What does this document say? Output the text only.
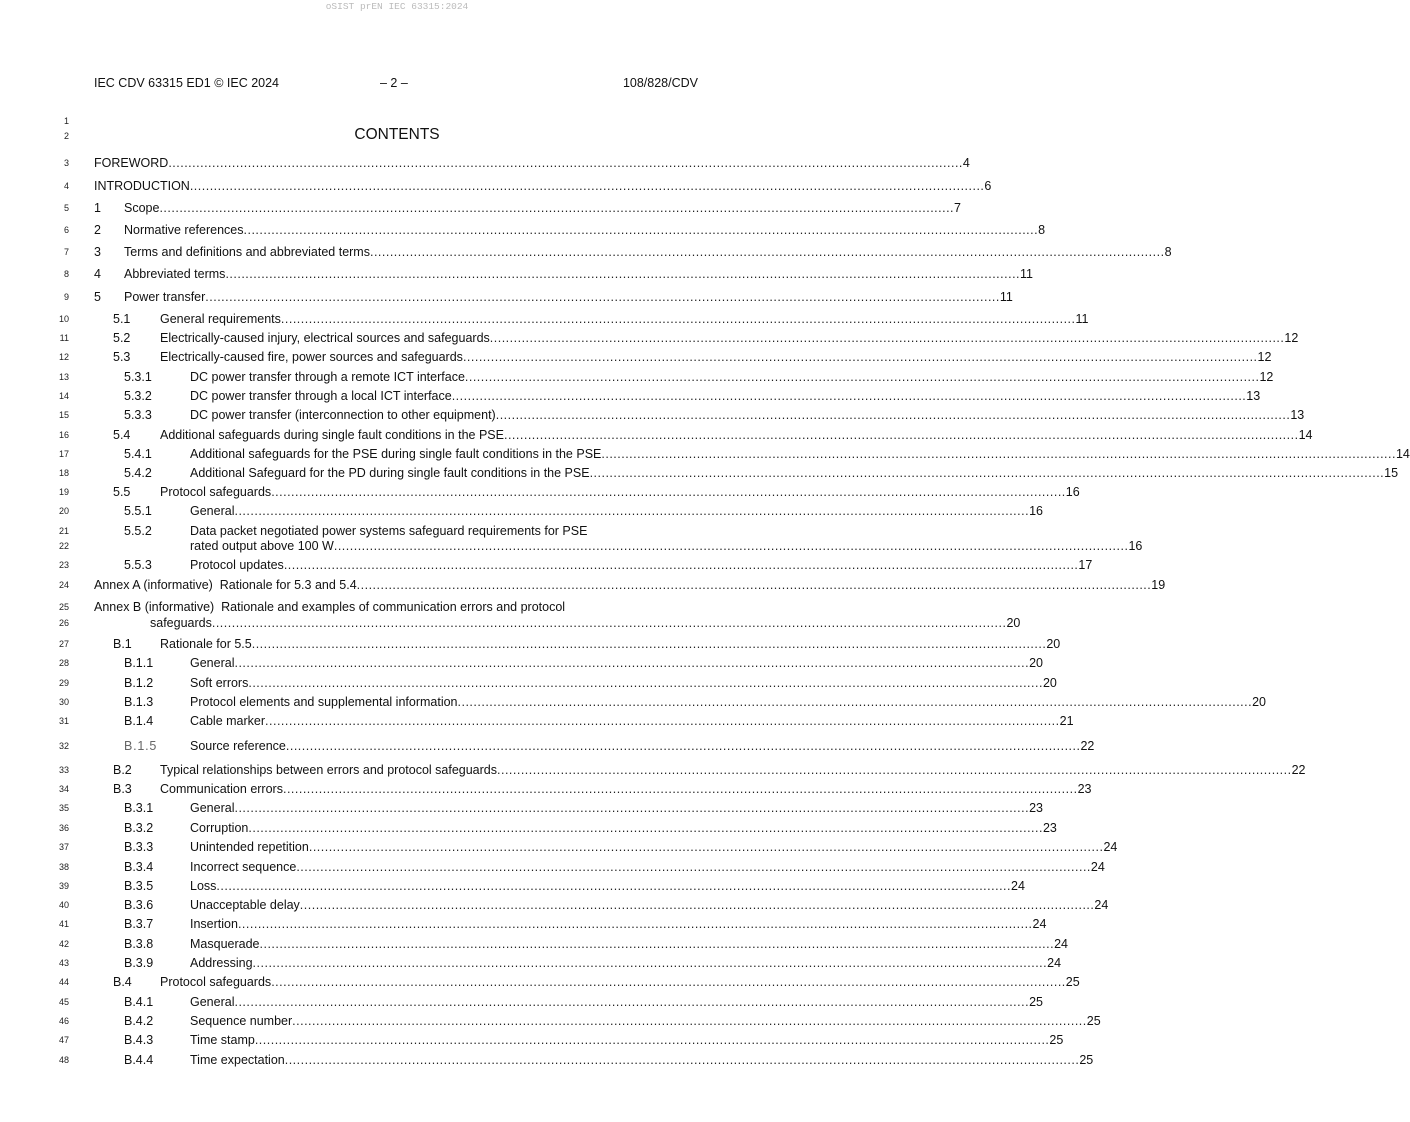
oSIST prEN IEC 63315:2024
IEC CDV 63315 ED1 © IEC 2024	– 2 –	108/828/CDV
1
2	CONTENTS
3 FOREWORD ........................................................................................................................................................................................................ 4
4 INTRODUCTION ........................................................................................................................................................................................................ 6
5 1 Scope ........................................................................................................................................................................................................ 7
6 2 Normative references ........................................................................................................................................................................................................ 8
7 3 Terms and definitions and abbreviated terms ........................................................................................................................................................................................................ 8
8 4 Abbreviated terms ........................................................................................................................................................................................................ 11
9 5 Power transfer ........................................................................................................................................................................................................ 11
10	5.1 General requirements ........................................................................................................................................................................................................ 11
11	5.2 Electrically-caused injury, electrical sources and safeguards ........................................................................................................................................................................................................ 12
12	5.3 Electrically-caused fire, power sources and safeguards ........................................................................................................................................................................................................ 12
13	5.3.1	DC power transfer through a remote ICT interface ........................................................................................................................................................................................................ 12
14	5.3.2	DC power transfer through a local ICT interface ........................................................................................................................................................................................................ 13
15	5.3.3	DC power transfer (interconnection to other equipment) ........................................................................................................................................................................................................ 13
16	5.4 Additional safeguards during single fault conditions in the PSE ........................................................................................................................................................................................................ 14
17	5.4.1	Additional safeguards for the PSE during single fault conditions in the PSE ........................................................................................................................................................................................................ 14
18	5.4.2	Additional Safeguard for the PD during single fault conditions in the PSE ........................................................................................................................................................................................................ 15
19	5.5 Protocol safeguards ........................................................................................................................................................................................................ 16
20	5.5.1	General ........................................................................................................................................................................................................ 16
21	5.5.2	Data packet negotiated power systems safeguard requirements for PSE
22	rated output above 100 W ........................................................................................................................................................................................................ 16
23	5.5.3	Protocol updates ........................................................................................................................................................................................................ 17
24 Annex A (informative)  Rationale for 5.3 and 5.4 ........................................................................................................................................................................................................ 19
25 Annex B (informative)  Rationale and examples of communication errors and protocol
26	safeguards ........................................................................................................................................................................................................ 20
27	B.1 Rationale for 5.5 ........................................................................................................................................................................................................ 20
28	B.1.1	General ........................................................................................................................................................................................................ 20
29	B.1.2	Soft errors ........................................................................................................................................................................................................ 20
30	B.1.3	Protocol elements and supplemental information ........................................................................................................................................................................................................ 20
31	B.1.4	Cable marker ........................................................................................................................................................................................................ 21
32	B.1.5	Source reference ........................................................................................................................................................................................................ 22
33	B.2 Typical relationships between errors and protocol safeguards ........................................................................................................................................................................................................ 22
34	B.3 Communication errors ........................................................................................................................................................................................................ 23
35	B.3.1	General ........................................................................................................................................................................................................ 23
36	B.3.2	Corruption ........................................................................................................................................................................................................ 23
37	B.3.3	Unintended repetition ........................................................................................................................................................................................................ 24
38	B.3.4	Incorrect sequence ........................................................................................................................................................................................................ 24
39	B.3.5	Loss ........................................................................................................................................................................................................ 24
40	B.3.6	Unacceptable delay ........................................................................................................................................................................................................ 24
41	B.3.7	Insertion ........................................................................................................................................................................................................ 24
42	B.3.8	Masquerade ........................................................................................................................................................................................................ 24
43	B.3.9	Addressing ........................................................................................................................................................................................................ 24
44	B.4 Protocol safeguards ........................................................................................................................................................................................................ 25
45	B.4.1	General ........................................................................................................................................................................................................ 25
46	B.4.2	Sequence number ........................................................................................................................................................................................................ 25
47	B.4.3	Time stamp ........................................................................................................................................................................................................ 25
48	B.4.4	Time expectation ........................................................................................................................................................................................................ 25
